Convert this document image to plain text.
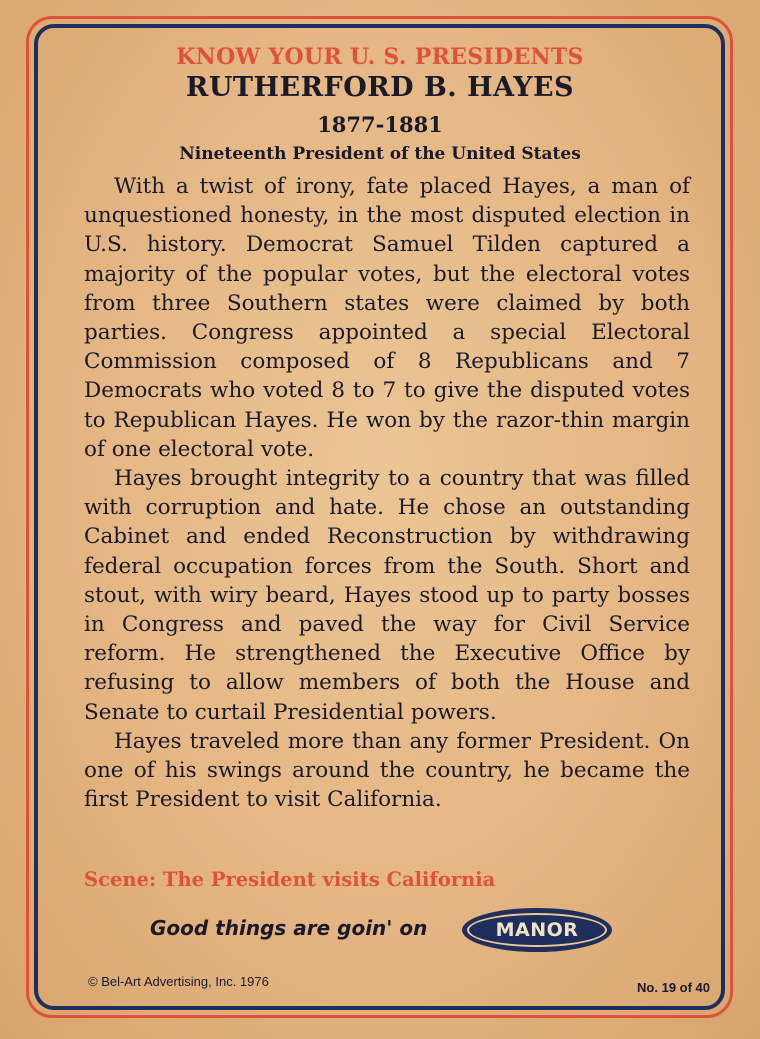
KNOW YOUR U. S. PRESIDENTS
RUTHERFORD B. HAYES
1877-1881
Nineteenth President of the United States

With a twist of irony, fate placed Hayes, a man of unquestioned honesty, in the most disputed election in U.S. history. Democrat Samuel Tilden captured a majority of the popular votes, but the electoral votes from three Southern states were claimed by both parties. Congress appointed a special Electoral Commission composed of 8 Republicans and 7 Democrats who voted 8 to 7 to give the disputed votes to Republican Hayes. He won by the razor-thin margin of one electoral vote.

Hayes brought integrity to a country that was filled with corruption and hate. He chose an outstanding Cabinet and ended Reconstruction by withdrawing federal occupation forces from the South. Short and stout, with wiry beard, Hayes stood up to party bosses in Congress and paved the way for Civil Service reform. He strengthened the Executive Office by refusing to allow members of both the House and Senate to curtail Presidential powers.

Hayes traveled more than any former President. On one of his swings around the country, he became the first President to visit California.

Scene: The President visits California
Good things are goin' on	MANOR
© Bel-Art Advertising, Inc. 1976	No. 19 of 40
